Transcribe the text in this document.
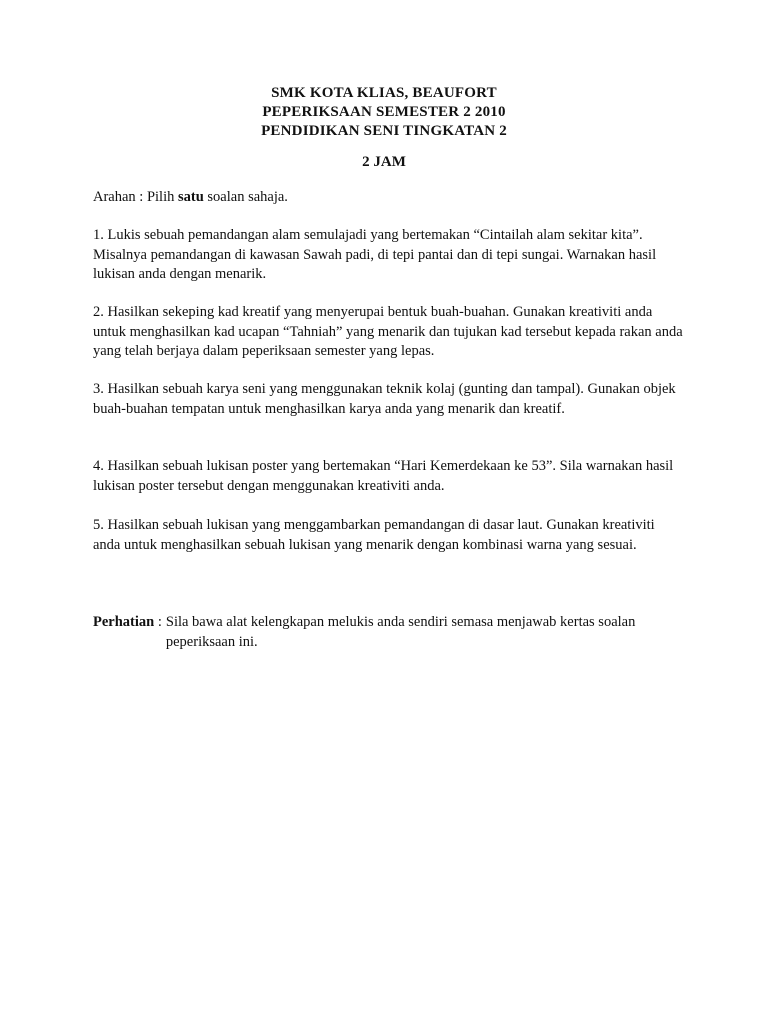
SMK KOTA KLIAS, BEAUFORT
PEPERIKSAAN SEMESTER 2 2010
PENDIDIKAN SENI TINGKATAN 2
2 JAM
Arahan : Pilih satu soalan sahaja.
1. Lukis sebuah pemandangan alam semulajadi yang bertemakan “Cintailah alam sekitar kita”. Misalnya pemandangan di kawasan Sawah padi, di tepi pantai dan di tepi sungai. Warnakan hasil lukisan anda dengan menarik.
2. Hasilkan sekeping kad kreatif yang menyerupai bentuk buah-buahan. Gunakan kreativiti anda untuk menghasilkan kad ucapan “Tahniah” yang menarik dan tujukan kad tersebut kepada rakan anda yang telah berjaya dalam peperiksaan semester yang lepas.
3. Hasilkan sebuah karya seni yang menggunakan teknik kolaj (gunting dan tampal). Gunakan objek buah-buahan tempatan untuk menghasilkan karya anda yang menarik dan kreatif.
4. Hasilkan sebuah lukisan poster yang bertemakan “Hari Kemerdekaan ke 53”. Sila warnakan hasil lukisan poster tersebut dengan menggunakan kreativiti anda.
5. Hasilkan sebuah lukisan yang menggambarkan pemandangan di dasar laut. Gunakan kreativiti anda untuk menghasilkan sebuah lukisan yang menarik dengan kombinasi warna yang sesuai.
Perhatian : Sila bawa alat kelengkapan melukis anda sendiri semasa menjawab kertas soalan peperiksaan ini.
